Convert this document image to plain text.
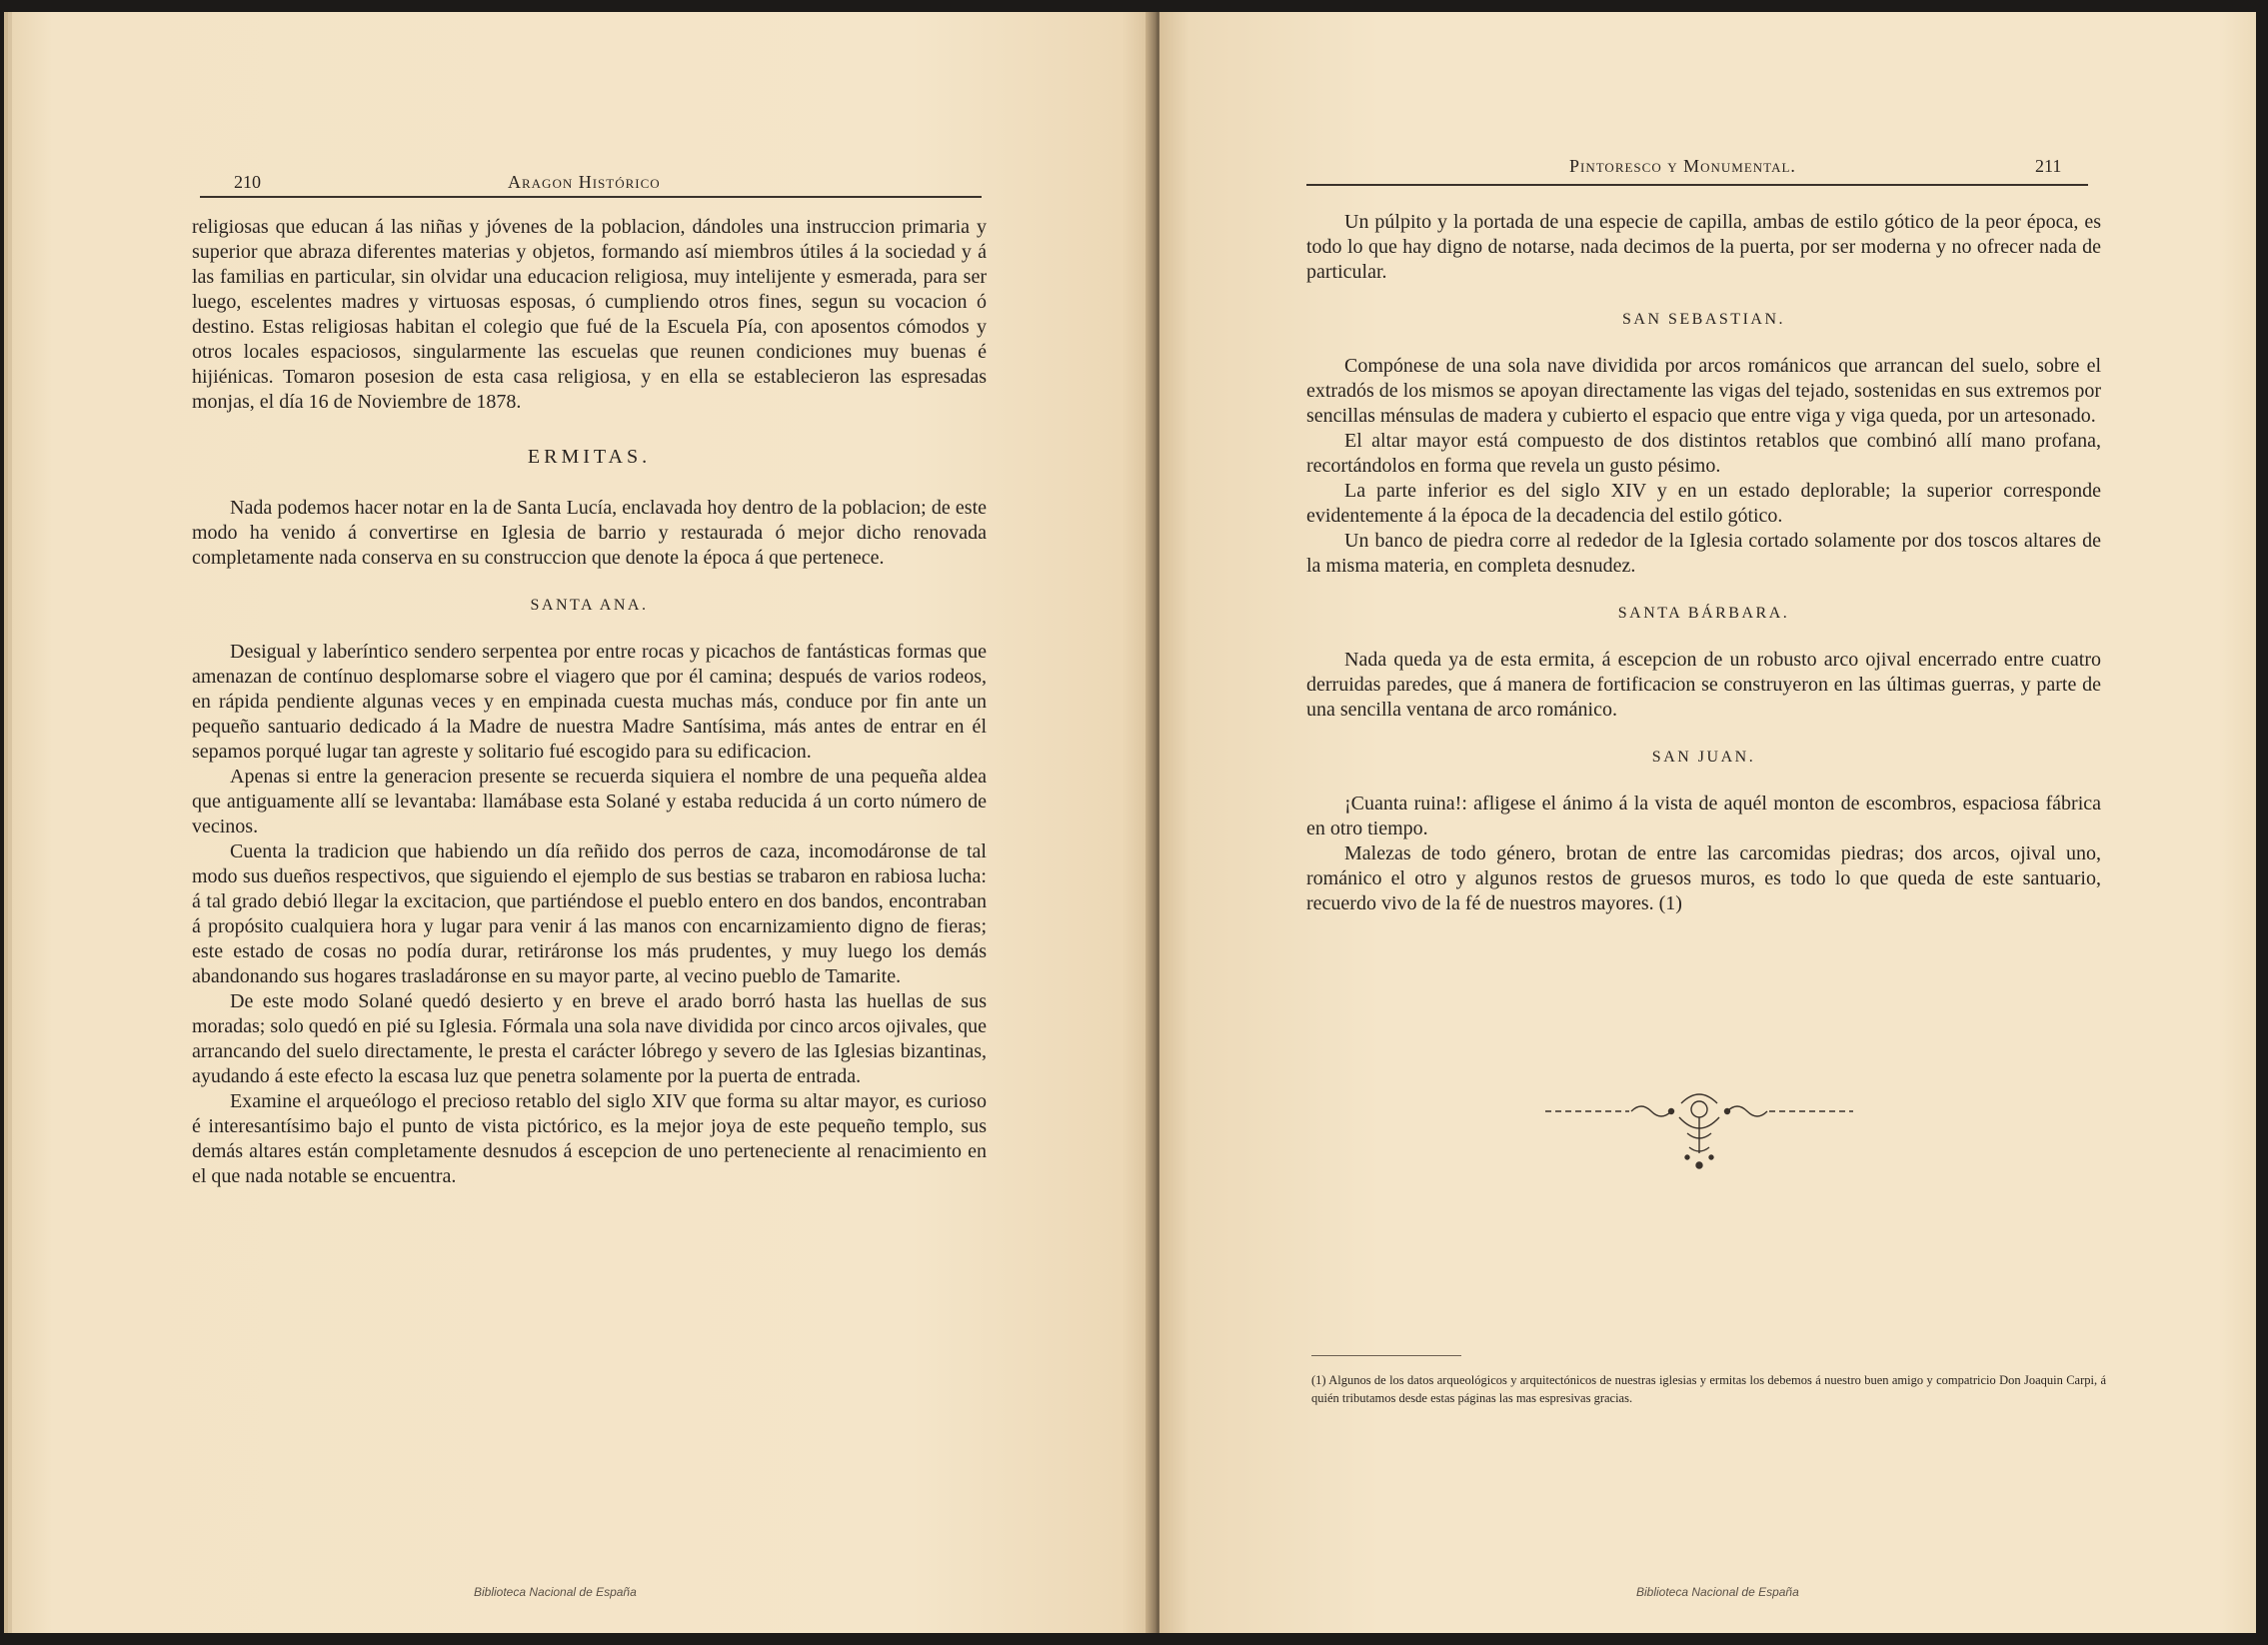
210	Aragon Histórico

religiosas que educan á las niñas y jóvenes de la poblacion, dándoles una instruccion primaria y superior que abraza diferentes materias y objetos, formando así miembros útiles á la sociedad y á las familias en particular, sin olvidar una educacion religiosa, muy intelijente y esmerada, para ser luego, escelentes madres y virtuosas esposas, ó cumpliendo otros fines, segun su vocacion ó destino. Estas religiosas habitan el colegio que fué de la Escuela Pía, con aposentos cómodos y otros locales espaciosos, singularmente las escuelas que reunen condiciones muy buenas é hijiénicas. Tomaron posesion de esta casa religiosa, y en ella se establecieron las espresadas monjas, el día 16 de Noviembre de 1878.

ERMITAS.

Nada podemos hacer notar en la de Santa Lucía, enclavada hoy dentro de la poblacion; de este modo ha venido á convertirse en Iglesia de barrio y restaurada ó mejor dicho renovada completamente nada conserva en su construccion que denote la época á que pertenece.

SANTA ANA.

Desigual y laberíntico sendero serpentea por entre rocas y picachos de fantásticas formas que amenazan de contínuo desplomarse sobre el viagero que por él camina; después de varios rodeos, en rápida pendiente algunas veces y en empinada cuesta muchas más, conduce por fin ante un pequeño santuario dedicado á la Madre de nuestra Madre Santísima, más antes de entrar en él sepamos porqué lugar tan agreste y solitario fué escogido para su edificacion.

Apenas si entre la generacion presente se recuerda siquiera el nombre de una pequeña aldea que antiguamente allí se levantaba: llamábase esta Solané y estaba reducida á un corto número de vecinos.

Cuenta la tradicion que habiendo un día reñido dos perros de caza, incomodáronse de tal modo sus dueños respectivos, que siguiendo el ejemplo de sus bestias se trabaron en rabiosa lucha: á tal grado debió llegar la excitacion, que partiéndose el pueblo entero en dos bandos, encontraban á propósito cualquiera hora y lugar para venir á las manos con encarnizamiento digno de fieras; este estado de cosas no podía durar, retiráronse los más prudentes, y muy luego los demás abandonando sus hogares trasladáronse en su mayor parte, al vecino pueblo de Tamarite.

De este modo Solané quedó desierto y en breve el arado borró hasta las huellas de sus moradas; solo quedó en pié su Iglesia. Fórmala una sola nave dividida por cinco arcos ojivales, que arrancando del suelo directamente, le presta el carácter lóbrego y severo de las Iglesias bizantinas, ayudando á este efecto la escasa luz que penetra solamente por la puerta de entrada.

Examine el arqueólogo el precioso retablo del siglo XIV que forma su altar mayor, es curioso é interesantísimo bajo el punto de vista pictórico, es la mejor joya de este pequeño templo, sus demás altares están completamente desnudos á escepcion de uno perteneciente al renacimiento en el que nada notable se encuentra.

Biblioteca Nacional de España
Pintoresco y Monumental.	211

Un púlpito y la portada de una especie de capilla, ambas de estilo gótico de la peor época, es todo lo que hay digno de notarse, nada decimos de la puerta, por ser moderna y no ofrecer nada de particular.

SAN SEBASTIAN.

Compónese de una sola nave dividida por arcos románicos que arrancan del suelo, sobre el extradós de los mismos se apoyan directamente las vigas del tejado, sostenidas en sus extremos por sencillas ménsulas de madera y cubierto el espacio que entre viga y viga queda, por un artesonado.

El altar mayor está compuesto de dos distintos retablos que combinó allí mano profana, recortándolos en forma que revela un gusto pésimo.

La parte inferior es del siglo XIV y en un estado deplorable; la superior corresponde evidentemente á la época de la decadencia del estilo gótico.

Un banco de piedra corre al rededor de la Iglesia cortado solamente por dos toscos altares de la misma materia, en completa desnudez.

SANTA BÁRBARA.

Nada queda ya de esta ermita, á escepcion de un robusto arco ojival encerrado entre cuatro derruidas paredes, que á manera de fortificacion se construyeron en las últimas guerras, y parte de una sencilla ventana de arco románico.

SAN JUAN.

¡Cuanta ruina!: afligese el ánimo á la vista de aquél monton de escombros, espaciosa fábrica en otro tiempo.

Malezas de todo género, brotan de entre las carcomidas piedras; dos arcos, ojival uno, románico el otro y algunos restos de gruesos muros, es todo lo que queda de este santuario, recuerdo vivo de la fé de nuestros mayores. (1)

(1) Algunos de los datos arqueológicos y arquitectónicos de nuestras iglesias y ermitas los debemos á nuestro buen amigo y compatricio Don Joaquin Carpi, á quién tributamos desde estas páginas las mas espresivas gracias.
Biblioteca Nacional de España
